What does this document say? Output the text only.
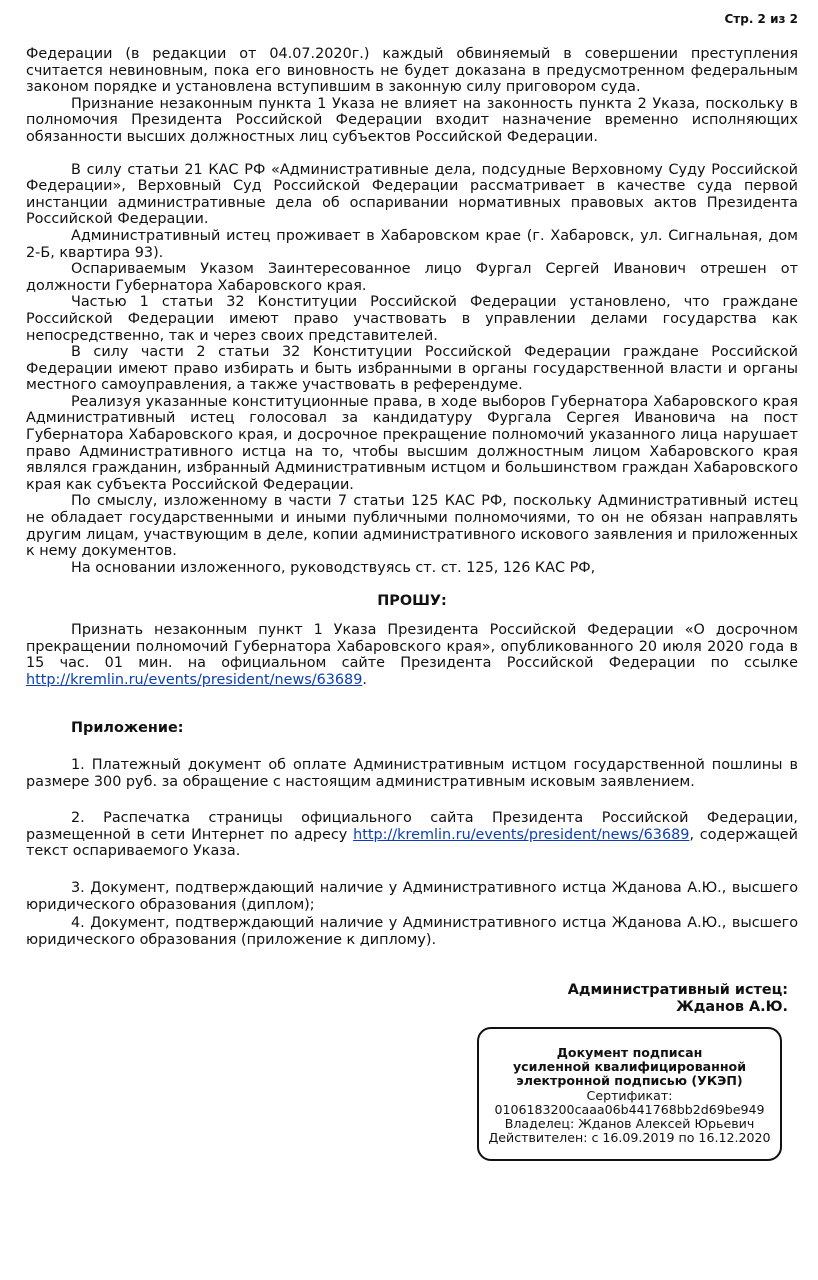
Стр. 2 из 2

Федерации (в редакции от 04.07.2020г.) каждый обвиняемый в совершении преступления считается невиновным, пока его виновность не будет доказана в предусмотренном федеральным законом порядке и установлена вступившим в законную силу приговором суда.

Признание незаконным пункта 1 Указа не влияет на законность пункта 2 Указа, поскольку в полномочия Президента Российской Федерации входит назначение временно исполняющих обязанности высших должностных лиц субъектов Российской Федерации.

В силу статьи 21 КАС РФ «Административные дела, подсудные Верховному Суду Российской Федерации», Верховный Суд Российской Федерации рассматривает в качестве суда первой инстанции административные дела об оспаривании нормативных правовых актов Президента Российской Федерации.

Административный истец проживает в Хабаровском крае (г. Хабаровск, ул. Сигнальная, дом 2-Б, квартира 93).

Оспариваемым Указом Заинтересованное лицо Фургал Сергей Иванович отрешен от должности Губернатора Хабаровского края.

Частью 1 статьи 32 Конституции Российской Федерации установлено, что граждане Российской Федерации имеют право участвовать в управлении делами государства как непосредственно, так и через своих представителей.

В силу части 2 статьи 32 Конституции Российской Федерации граждане Российской Федерации имеют право избирать и быть избранными в органы государственной власти и органы местного самоуправления, а также участвовать в референдуме.

Реализуя указанные конституционные права, в ходе выборов Губернатора Хабаровского края Административный истец голосовал за кандидатуру Фургала Сергея Ивановича на пост Губернатора Хабаровского края, и досрочное прекращение полномочий указанного лица нарушает право Административного истца на то, чтобы высшим должностным лицом Хабаровского края являлся гражданин, избранный Административным истцом и большинством граждан Хабаровского края как субъекта Российской Федерации.

По смыслу, изложенному в части 7 статьи 125 КАС РФ, поскольку Административный истец не обладает государственными и иными публичными полномочиями, то он не обязан направлять другим лицам, участвующим в деле, копии административного искового заявления и приложенных к нему документов.

На основании изложенного, руководствуясь ст. ст. 125, 126 КАС РФ,

ПРОШУ:

Признать незаконным пункт 1 Указа Президента Российской Федерации «О досрочном прекращении полномочий Губернатора Хабаровского края», опубликованного 20 июля 2020 года в 15 час. 01 мин. на официальном сайте Президента Российской Федерации по ссылке http://kremlin.ru/events/president/news/63689.

Приложение:

1. Платежный документ об оплате Административным истцом государственной пошлины в размере 300 руб. за обращение с настоящим административным исковым заявлением.

2. Распечатка страницы официального сайта Президента Российской Федерации, размещенной в сети Интернет по адресу http://kremlin.ru/events/president/news/63689, содержащей текст оспариваемого Указа.

3. Документ, подтверждающий наличие у Административного истца Жданова А.Ю., высшего юридического образования (диплом);

4. Документ, подтверждающий наличие у Административного истца Жданова А.Ю., высшего юридического образования (приложение к диплому).

Административный истец:
Жданов А.Ю.
Документ подписан
усиленной квалифицированной
электронной подписью (УКЭП)
Сертификат:
0106183200caaa06b441768bb2d69be949
Владелец: Жданов Алексей Юрьевич
Действителен: с 16.09.2019 по 16.12.2020
